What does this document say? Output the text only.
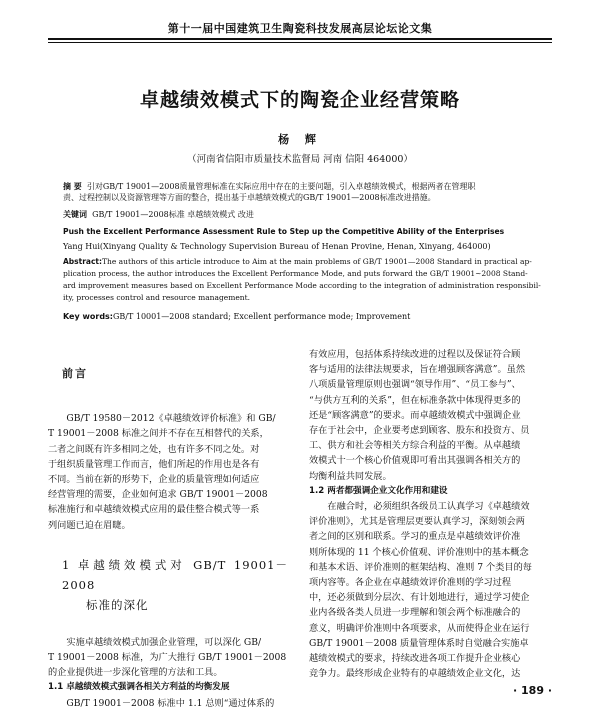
第十一届中国建筑卫生陶瓷科技发展高层论坛论文集
卓越绩效模式下的陶瓷企业经营策略
杨 辉
（河南省信阳市质量技术监督局 河南 信阳 464000）
摘 要 引对GB/T 19001—2008质量管理标准在实际应用中存在的主要问题，引入卓越绩效模式，根据两者在管理职
责、过程控制以及资源管理等方面的整合，提出基于卓越绩效模式的GB/T 19001—2008标准改进措施。
关键词 GB/T 19001—2008标准 卓越绩效模式 改进
Push the Excellent Performance Assessment Rule to Step up the Competitive Ability of the Enterprises
Yang Hui(Xinyang Quality & Technology Supervision Bureau of Henan Provine, Henan, Xinyang, 464000)
Abstract:The authors of this article introduce to Aim at the main problems of GB/T 19001—2008 Standard in practical ap-
plication process, the author introduces the Excellent Performance Mode, and puts forward the GB/T 19001~2008 Stand-
ard improvement measures based on Excellent Performance Mode according to the integration of administration responsibil-
ity, processes control and resource management.
Key words:GB/T 10001—2008 standard; Excellent performance mode; Improvement
前言
GB/T 19580－2012《卓越绩效评价标准》和 GB/
T 19001－2008 标准之间并不存在互相替代的关系，
二者之间既有许多相同之处，也有许多不同之处。对
于组织质量管理工作而言，他们所起的作用也是各有
不同。当前在新的形势下，企业的质量管理如何适应
经营管理的需要，企业如何追求 GB/T 19001－2008
标准施行和卓越绩效模式应用的最佳整合模式等一系
列问题已迫在眉睫。
1 卓越绩效模式对 GB/T 19001－2008
标准的深化
实施卓越绩效模式加强企业管理，可以深化 GB/
T 19001－2008 标准，为广大推行 GB/T 19001－2008
的企业提供进一步深化管理的方法和工具。
1.1 卓越绩效模式强调各相关方利益的均衡发展
GB/T 19001－2008 标准中 1.1 总则“通过体系的
有效应用，包括体系持续改进的过程以及保证符合顾
客与适用的法律法规要求，旨在增强顾客满意”。虽然
八项质量管理原则也强调“领导作用”、“员工参与”、
“与供方互利的关系”，但在标准条款中体现得更多的
还是“顾客满意”的要求。而卓越绩效模式中强调企业
存在于社会中，企业要考虑到顾客、股东和投资方、员
工、供方和社会等相关方综合利益的平衡。从卓越绩
效模式十一个核心价值观即可看出其强调各相关方的
均衡利益共同发展。
1.2 两者都强调企业文化作用和建设
在融合时，必须组织各级员工认真学习《卓越绩效
评价准则》，尤其是管理层更要认真学习，深刻领会两
者之间的区别和联系。学习的重点是卓越绩效评价准
则所体现的 11 个核心价值观、评价准则中的基本概念
和基本术语、评价准则的框架结构、准则 7 个类目的每
项内容等。各企业在卓越绩效评价准则的学习过程
中，还必须做到分层次、有计划地进行，通过学习使企
业内各级各类人员进一步理解和领会两个标准融合的
意义，明确评价准则中各项要求，从而使得企业在运行
GB/T 19001－2008 质量管理体系时自觉融合实施卓
越绩效模式的要求，持续改进各项工作提升企业核心
竞争力。最终形成企业特有的卓越绩效企业文化，达
· 189 ·
